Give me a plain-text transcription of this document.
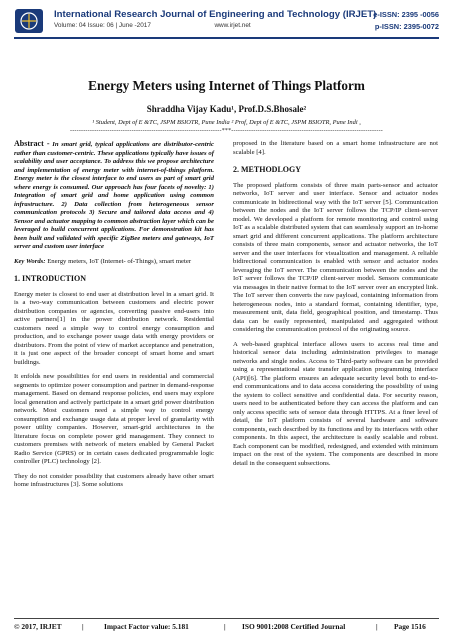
International Research Journal of Engineering and Technology (IRJET)
Volume: 04 Issue: 06 | June -2017	www.irjet.net
e-ISSN: 2395 -0056
p-ISSN: 2395-0072
Energy Meters using Internet of Things Platform
Shraddha Vijay Kadu¹, Prof.D.S.Bhosale²
¹ Student, Dept of E &TC, JSPM BSIOTR, Pune India ² Prof, Dept of E &TC, JSPM BSIOTR, Pune Indi ,
---------------------------------------------------------------------***---------------------------------------------------------------------

Abstract - In smart grid, typical applications are distributor-centric rather than customer-centric. These applications typically have issues of scalability and user acceptance. To address this we propose architecture and implementation of energy meter with internet-of-things platform. Energy meter is the closest interface to end users as part of smart grid where energy is consumed. Our approach has four facets of novelty: 1) Integration of smart grid and home application using common infrastructure. 2) Data collection from heterogeneous sensor communication protocols 3) Secure and tailored data access and 4) Sensor and actuator mapping to common abstraction layer which can be leveraged to build concurrent applications. For demonstration kit has been built and validated with specific ZigBee meters and gateways, IoT server and custom user interface

Key Words: Energy meters, IoT (Internet- of-Things), smart meter

1. INTRODUCTION

Energy meter is closest to end user at distribution level in a smart grid. It is a two-way communication between customers and electric power distribution companies or agencies, converting passive end-users into active partners[1] in the power distribution network. Residential customers need a simple way to control energy consumption and production, and to exchange power usage data with energy providers or distributors. From the point of view of market acceptance and penetration, it is just one aspect of the broader concept of smart home and smart buildings.

It enfolds new possibilities for end users in residential and commercial segments to optimize power consumption and partner in demand-response management. Based on demand response policies, end users may explore local generation and actively participate in a smart grid power distribution network. Most customers need a simple way to control energy consumption and exchange usage data at proper level of granularity with power utility companies. However, smart-grid architectures in the literature focus on complete power grid management. They connect to customers premises with network of meters enabled by General Packet Radio Service (GPRS) or in certain cases dedicated programmable logic controller (PLC) technology [2].

They do not consider possibility that customers already have other smart home infrastructures [3]. Some solutions

proposed in the literature based on a smart home infrastructure are not scalable [4].

2. METHODLOGY

The proposed platform consists of three main parts-sensor and actuator networks, IoT server and user interface. Sensor and actuator nodes communicate in bidirectional way with the IoT server [5]. Communication between the nodes and the IoT server follows the TCP/IP client-server model. We developed a platform for remote monitoring and control using IoT as a scalable distributed system that can seamlessly support an in-home smart grid and different concurrent applications. The platform architecture consists of three main components, sensor and actuator networks, the IoT server and the user interfaces for visualization and management. A reliable bidirectional communication is enabled with sensor and actuator nodes leveraging the IoT server. The communication between the nodes and the IoT server follows the TCP/IP client-server model. Sensors communicate via messages in their native format to the IoT server over an encrypted link. The IoT server then converts the raw payload, containing information from heterogeneous nodes, into a standard format, containing identifier, type, measurement unit, data field, geographical position, and timestamp. Thus data can be easily represented, manipulated and aggregated without considering the communication protocol of the originating source.

A web-based graphical interface allows users to access real time and historical sensor data including administration privileges to manage networks and single nodes. Access to Third-party software can be provided using a representational state transfer application programming interface (API)[6]. The platform ensures an adequate security level both to end-to-end communications and to data access considering the possibility of using the system to collect sensitive and confidential data. For security reason, users need to be authenticated before they can access the platform and can only access specific sets of sensor data through HTTPS. At a finer level of detail, the IoT platform consists of several hardware and software components, each described by its functions and by its interfaces with other components. In this aspect, the architecture is easily scalable and robust. Each component can be modified, redesigned, and extended with minimum impact on the rest of the system. The components are described in more detail in the consequent subsections.

© 2017, IRJET	|	Impact Factor value: 5.181	| ISO 9001:2008 Certified Journal	| Page 1516
